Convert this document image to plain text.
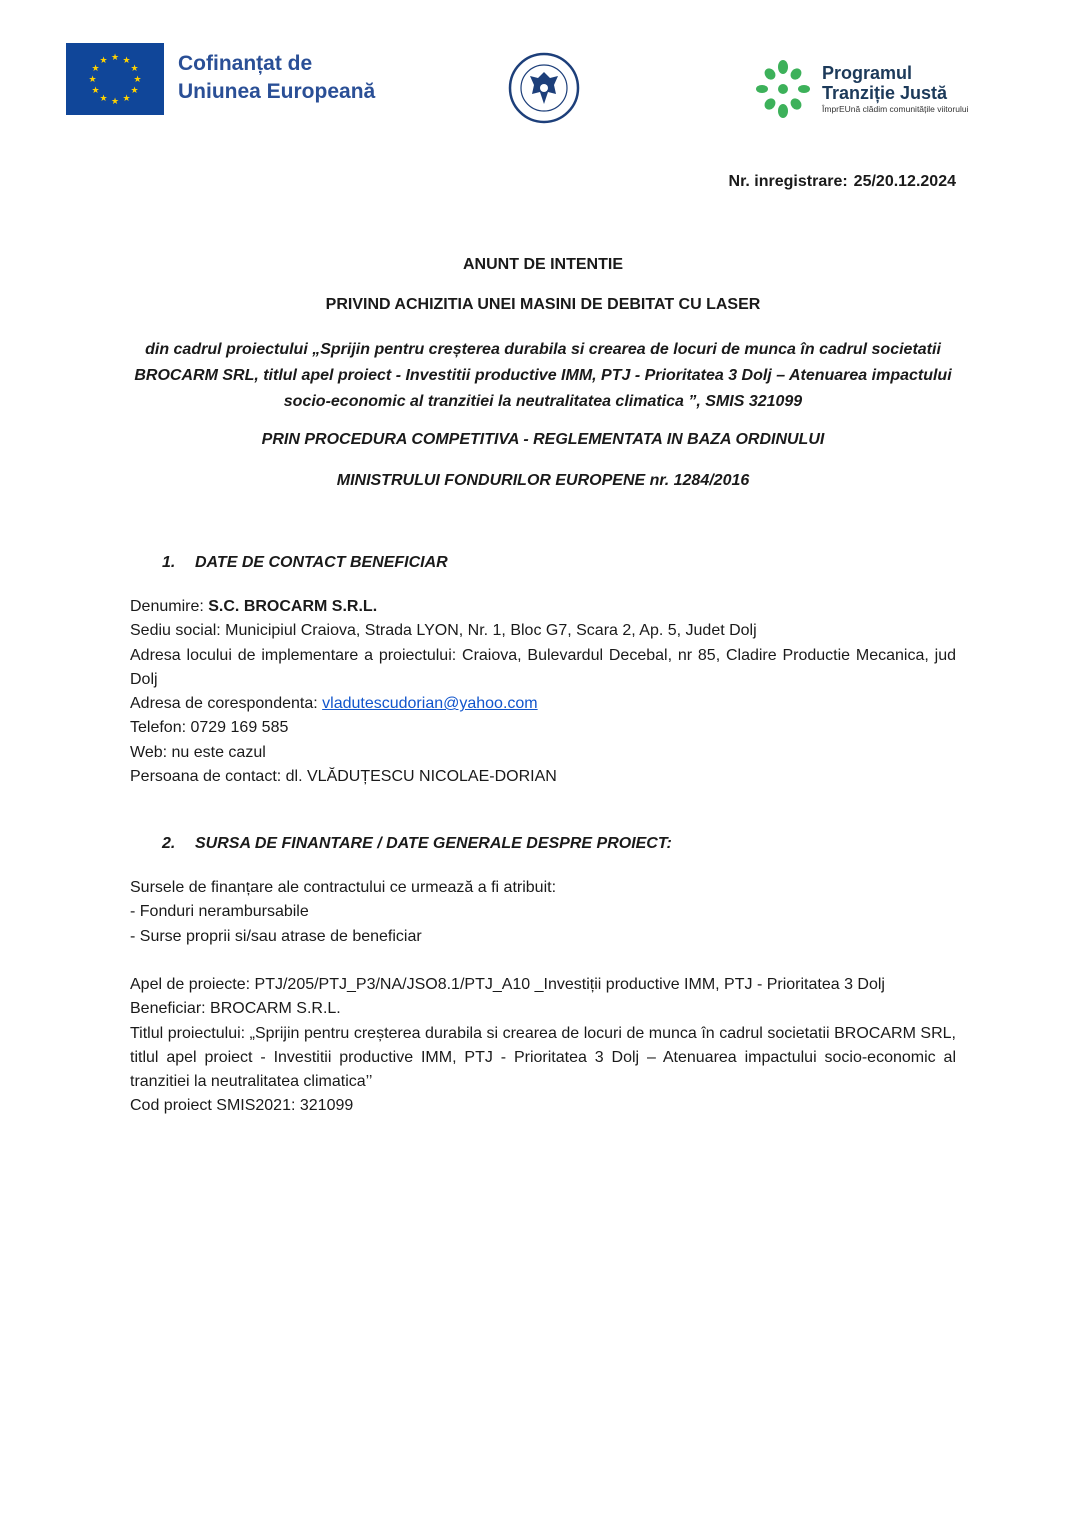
★ ★
★
★
★
★
★
★
★
★
★
★	Cofinanțat de
Uniunea Europeană
Programul
Tranziție Justă
ÎmprEUnă clădim comunitățile viitorului
Nr. inregistrare: 25/20.12.2024
ANUNT DE INTENTIE
PRIVIND ACHIZITIA UNEI MASINI DE DEBITAT CU LASER
din cadrul proiectului „Sprijin pentru creșterea durabila si crearea de locuri de munca în cadrul societatii BROCARM SRL, titlul apel proiect - Investitii productive IMM, PTJ - Prioritatea 3 Dolj – Atenuarea impactului socio-economic al tranzitiei la neutralitatea climatica ”, SMIS 321099
PRIN PROCEDURA COMPETITIVA - REGLEMENTATA IN BAZA ORDINULUI
MINISTRULUI FONDURILOR EUROPENE nr. 1284/2016
1. DATE DE CONTACT BENEFICIAR

Denumire: S.C. BROCARM S.R.L.

Sediu social: Municipiul Craiova, Strada LYON, Nr. 1, Bloc G7, Scara 2, Ap. 5, Judet Dolj

Adresa locului de implementare a proiectului: Craiova, Bulevardul Decebal, nr 85, Cladire Productie Mecanica, jud Dolj

Adresa de corespondenta: vladutescudorian@yahoo.com

Telefon: 0729 169 585

Web: nu este cazul

Persoana de contact: dl. VLĂDUȚESCU NICOLAE-DORIAN

2. SURSA DE FINANTARE / DATE GENERALE DESPRE PROIECT:

Sursele de finanțare ale contractului ce urmează a fi atribuit:

- Fonduri nerambursabile

- Surse proprii si/sau atrase de beneficiar

Apel de proiecte: PTJ/205/PTJ_P3/NA/JSO8.1/PTJ_A10 _Investiții productive IMM, PTJ - Prioritatea 3 Dolj

Beneficiar: BROCARM S.R.L.

Titlul proiectului: „Sprijin pentru creșterea durabila si crearea de locuri de munca în cadrul societatii BROCARM SRL, titlul apel proiect - Investitii productive IMM, PTJ - Prioritatea 3 Dolj – Atenuarea impactului socio-economic al tranzitiei la neutralitatea climatica’’

Cod proiect SMIS2021: 321099
